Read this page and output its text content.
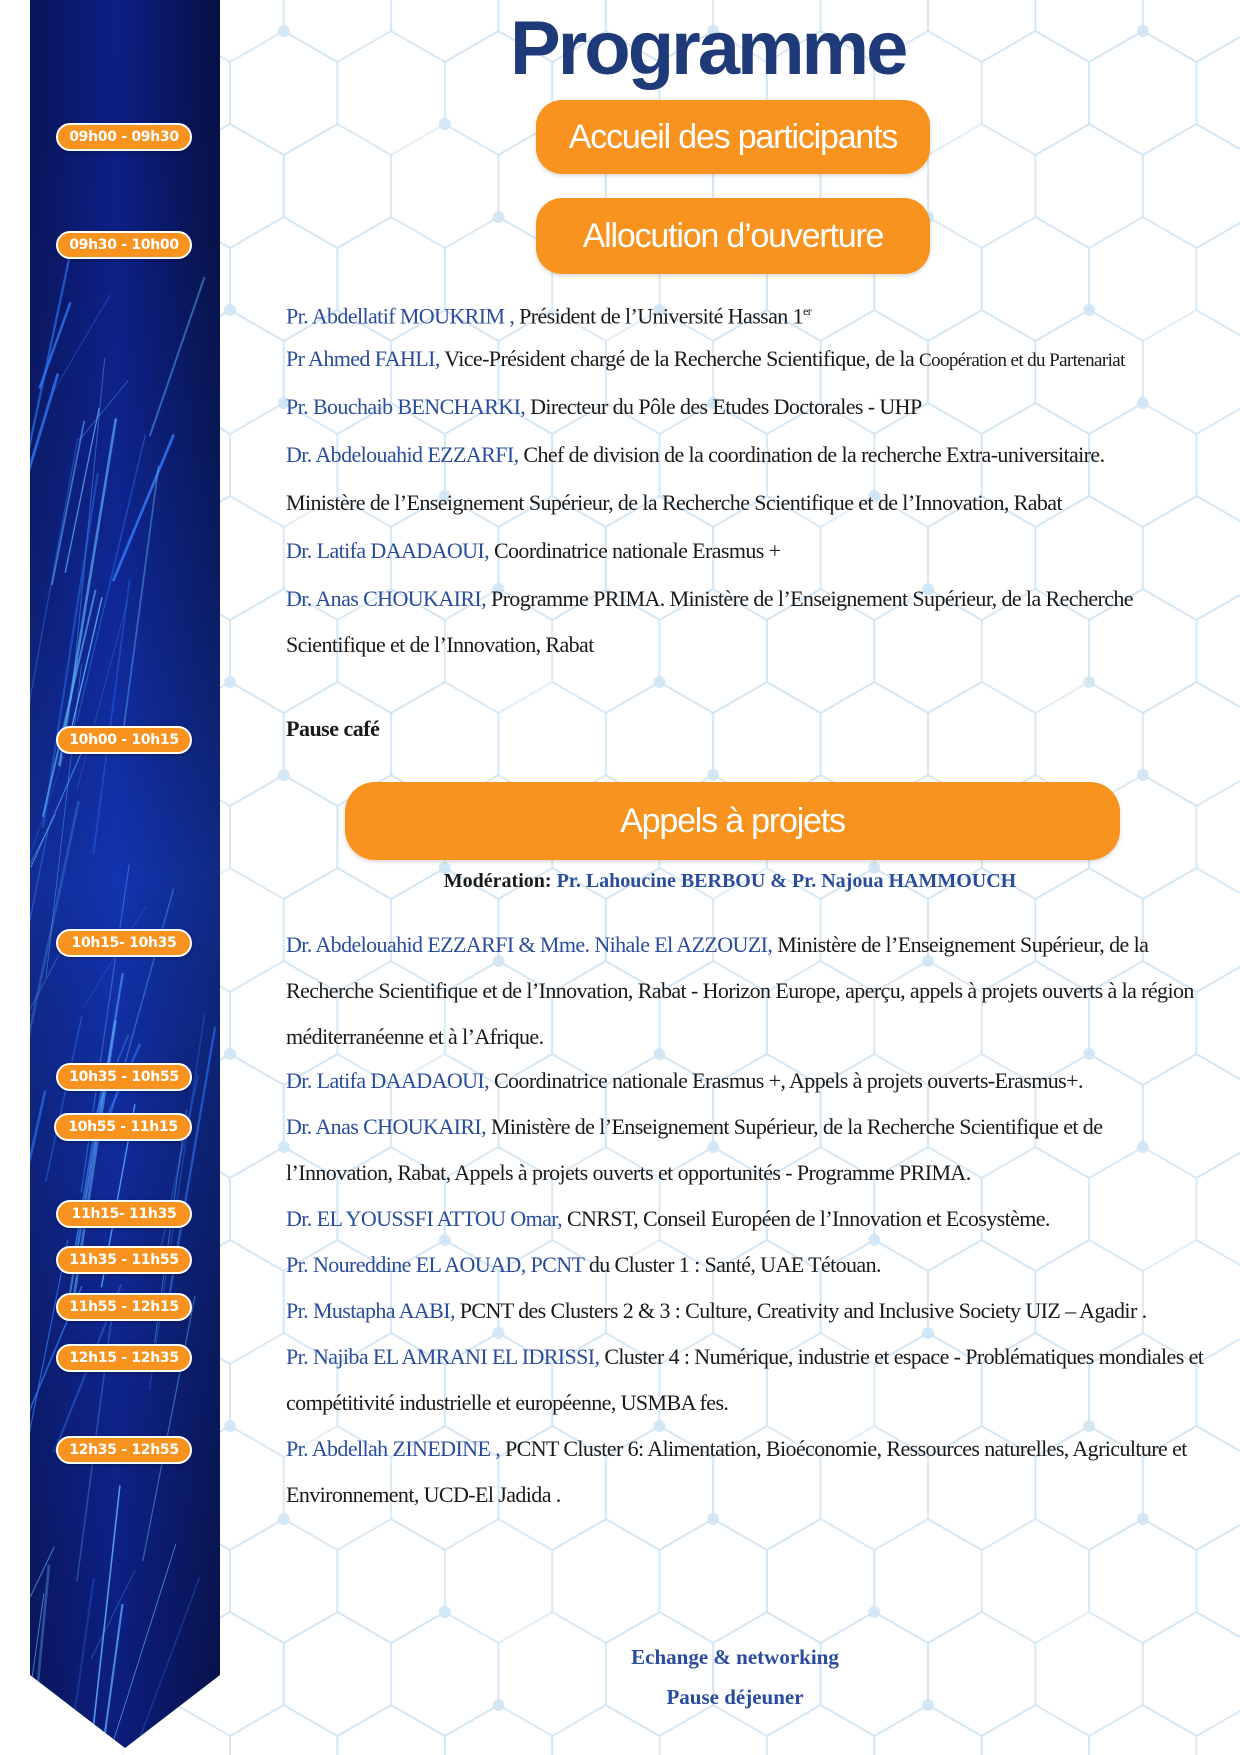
09h00 - 09h30
09h30 - 10h00
10h00 - 10h15
10h15- 10h35
10h35 - 10h55
10h55 - 11h15
11h15- 11h35
11h35 - 11h55
11h55 - 12h15
12h15 - 12h35
12h35 - 12h55
Programme
Accueil des participants
Allocution d’ouverture

Pr. Abdellatif MOUKRIM , Président de l’Université Hassan 1er

Pr Ahmed FAHLI, Vice-Président chargé de la Recherche Scientifique, de la Coopération et du Partenariat

Pr. Bouchaib BENCHARKI, Directeur du Pôle des Etudes Doctorales - UHP

Dr. Abdelouahid EZZARFI, Chef de division de la coordination de la recherche Extra-universitaire.

Ministère de l’Enseignement Supérieur, de la Recherche Scientifique et de l’Innovation, Rabat

Dr. Latifa DAADAOUI, Coordinatrice nationale Erasmus +

Dr. Anas CHOUKAIRI, Programme PRIMA. Ministère de l’Enseignement Supérieur, de la Recherche Scientifique et de l’Innovation, Rabat

Pause café

Appels à projets

Modération: Pr. Lahoucine BERBOU & Pr. Najoua HAMMOUCH

Dr. Abdelouahid EZZARFI & Mme. Nihale El AZZOUZI, Ministère de l’Enseignement Supérieur, de la Recherche Scientifique et de l’Innovation, Rabat - Horizon Europe, aperçu, appels à projets ouverts à la région méditerranéenne et à l’Afrique.

Dr. Latifa DAADAOUI, Coordinatrice nationale Erasmus +, Appels à projets ouverts-Erasmus+.

Dr. Anas CHOUKAIRI, Ministère de l’Enseignement Supérieur, de la Recherche Scientifique et de l’Innovation, Rabat, Appels à projets ouverts et opportunités - Programme PRIMA.

Dr. EL YOUSSFI ATTOU Omar, CNRST, Conseil Européen de l’Innovation et Ecosystème.

Pr. Noureddine EL AOUAD, PCNT du Cluster 1 : Santé, UAE Tétouan.

Pr. Mustapha AABI, PCNT des Clusters 2 & 3 : Culture, Creativity and Inclusive Society UIZ – Agadir .

Pr. Najiba EL AMRANI EL IDRISSI, Cluster 4 : Numérique, industrie et espace - Problématiques mondiales et compétitivité industrielle et européenne, USMBA fes.

Pr. Abdellah ZINEDINE , PCNT Cluster 6: Alimentation, Bioéconomie, Ressources naturelles, Agriculture et Environnement, UCD-El Jadida .

Echange & networking

Pause déjeuner
